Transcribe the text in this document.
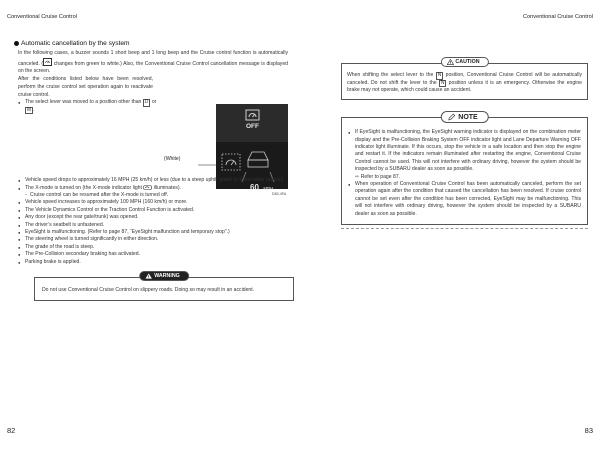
Conventional Cruise Control	Conventional Cruise Control
Automatic cancellation by the system
In the following cases, a buzzer sounds 1 short beep and 1 long beep and the Cruise control function is automatically canceled. (
changes from green to white.) Also, the Conventional Cruise Control cancellation message is displayed on the screen.
After the conditions listed below have been resolved, perform the cruise control set operation again to reactivate cruise control.
● The select lever was moved to a position other than D or M .
(White)
OFF
60 MPH
D82-4FA
● Vehicle speed drops to approximately 16 MPH (25 km/h) or less (due to a steep uphill grade or some other reason).
● The X-mode is turned on (the X-mode indicator light illuminates).
- Cruise control can be resumed after the X-mode is turned off.
● Vehicle speed increases to approximately 100 MPH (160 km/h) or more.
● The Vehicle Dynamics Control or the Traction Control Function is activated.
● Any door (except the rear gate/trunk) was opened.
● The driver’s seatbelt is unfastened.
● EyeSight is malfunctioning. (Refer to page 87, “EyeSight malfunction and temporary stop”.)
● The steering wheel is turned significantly in either direction.
● The grade of the road is steep.
● The Pre-Collision secondary braking has activated.
● Parking brake is applied.
WARNING
Do not use Conventional Cruise Control on slippery roads. Doing so may result in an accident.
CAUTION
When shifting the select lever to the N position, Conventional Cruise Control will be automatically canceled. Do not shift the lever to the N position unless it is an emergency. Otherwise the engine brake may not operate, which could cause an accident.
NOTE
● If EyeSight is malfunctioning, the EyeSight warning indicator is displayed on the combination meter display and the Pre-Collision Braking System OFF indicator light and Lane Departure Warning OFF indicator light illuminate. If this occurs, stop the vehicle in a safe location and then stop the engine and restart it. If the indicators remain illuminated after restarting the engine, Conventional Cruise Control cannot be used. This will not interfere with ordinary driving, however the system should be inspected by a SUBARU dealer as soon as possible.
⇨ Refer to page 87.
● When operation of Conventional Cruise Control has been automatically canceled, perform the set operation again after the condition that caused the cancellation has been resolved. If cruise control cannot be set even after the condition has been corrected, EyeSight may be malfunctioning. This will not interfere with ordinary driving, however the system should be inspected by a SUBARU dealer as soon as possible.
82	83
